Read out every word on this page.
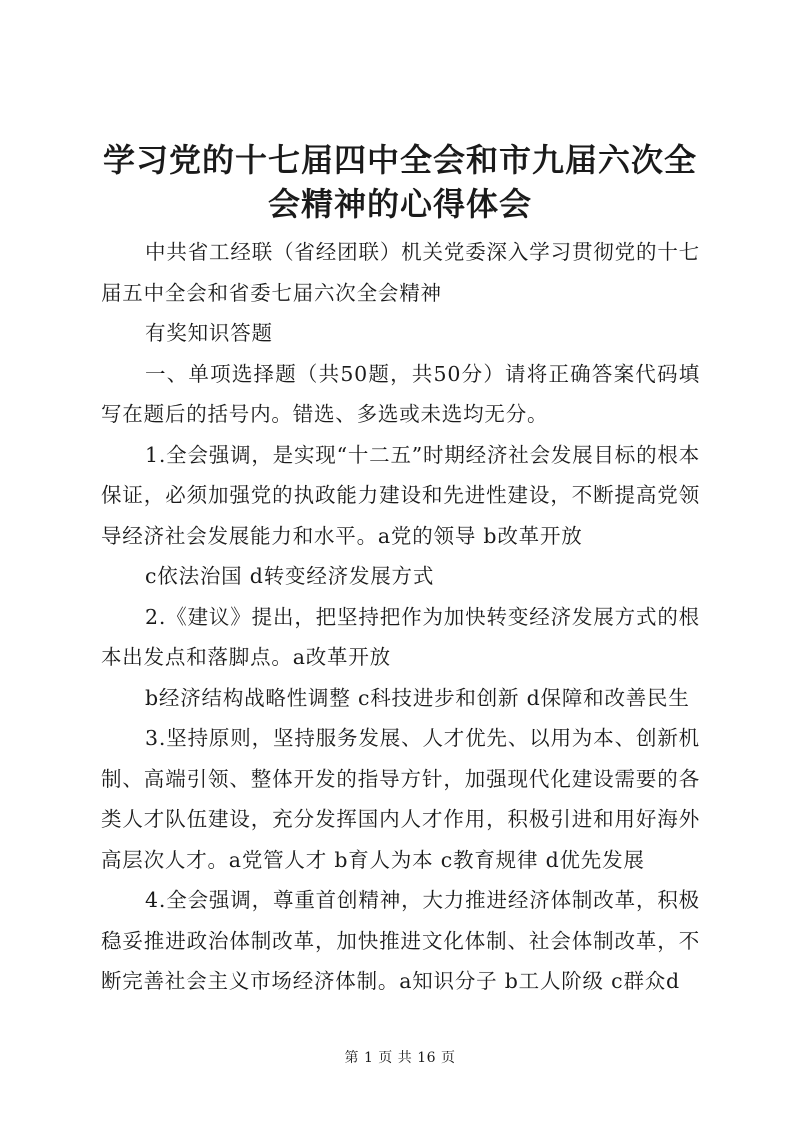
学习党的十七届四中全会和市九届六次全会精神的心得体会

中共省工经联（省经团联）机关党委深入学习贯彻党的十七届五中全会和省委七届六次全会精神

有奖知识答题

一、单项选择题（共50题，共50分）请将正确答案代码填写在题后的括号内。错选、多选或未选均无分。

1.全会强调，是实现“十二五”时期经济社会发展目标的根本保证，必须加强党的执政能力建设和先进性建设，不断提高党领导经济社会发展能力和水平。a党的领导 b改革开放

c依法治国 d转变经济发展方式

2.《建议》提出，把坚持把作为加快转变经济发展方式的根本出发点和落脚点。a改革开放

b经济结构战略性调整 c科技进步和创新 d保障和改善民生

3.坚持原则，坚持服务发展、人才优先、以用为本、创新机制、高端引领、整体开发的指导方针，加强现代化建设需要的各类人才队伍建设，充分发挥国内人才作用，积极引进和用好海外高层次人才。a党管人才 b育人为本 c教育规律 d优先发展

4.全会强调，尊重首创精神，大力推进经济体制改革，积极稳妥推进政治体制改革，加快推进文化体制、社会体制改革，不断完善社会主义市场经济体制。a知识分子 b工人阶级 c群众d

第 1 页 共 16 页
